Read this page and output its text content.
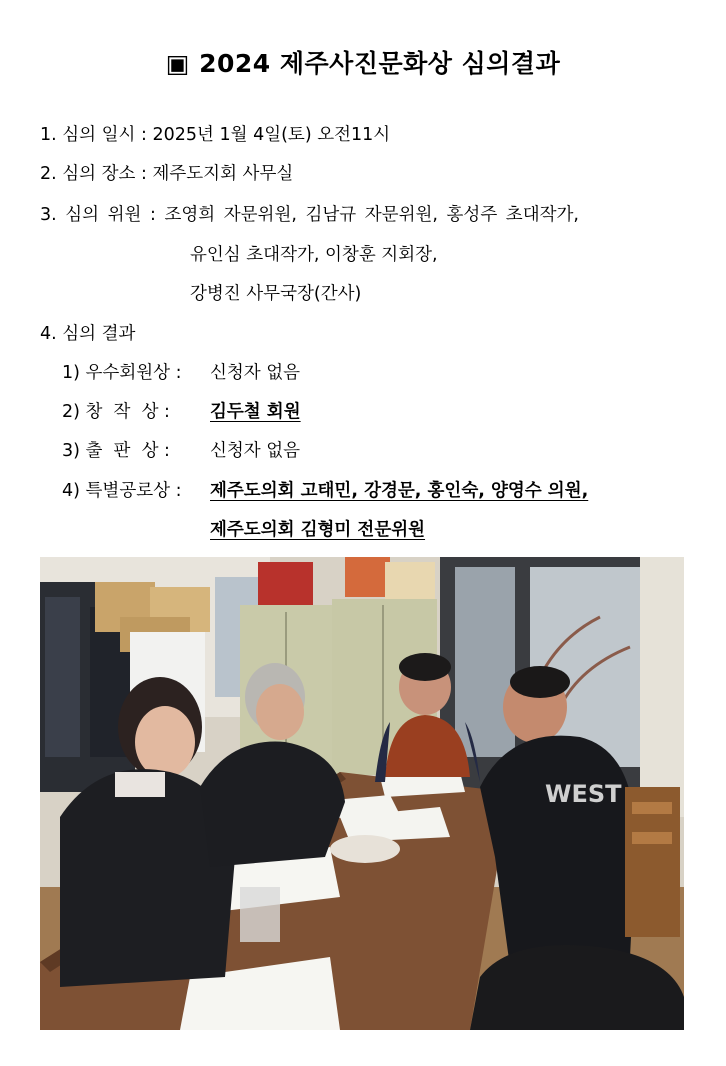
▣ 2024 제주사진문화상 심의결과
1. 심의 일시 : 2025년 1월 4일(토) 오전11시
2. 심의 장소 : 제주도지회 사무실
3. 심의 위원 : 조영희 자문위원, 김남규 자문위원, 홍성주 초대작가,
유인심 초대작가, 이창훈 지회장,
강병진 사무국장(간사)
4. 심의 결과
1) 우수회원상 : 신청자 없음
2) 창  작  상 : 김두철 회원
3) 출  판  상 : 신청자 없음
4) 특별공로상 : 제주도의회 고태민, 강경문, 홍인숙, 양영수 의원,
제주도의회 김형미 전문위원
WEST
